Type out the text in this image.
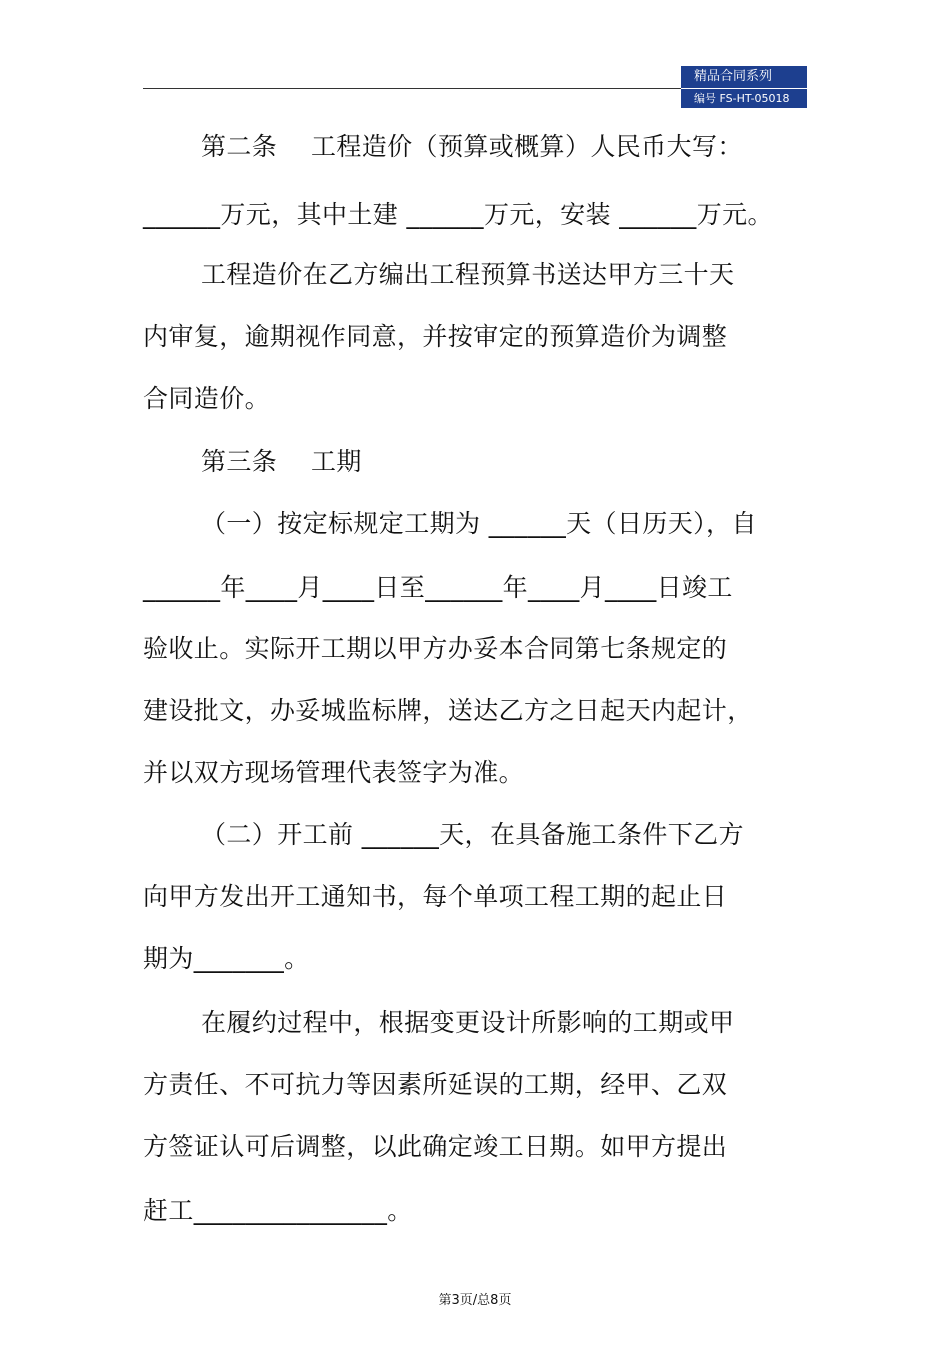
精品合同系列
编号 FS-HT-05018
第二条　 工程造价（预算或概算）人民币大写：
______万元，其中土建 ______万元，安装 ______万元。
工程造价在乙方编出工程预算书送达甲方三十天
内审复，逾期视作同意，并按审定的预算造价为调整
合同造价。
第三条　 工期
（一）按定标规定工期为 ______天（日历天），自
______年____月____日至______年____月____日竣工
验收止。实际开工期以甲方办妥本合同第七条规定的
建设批文，办妥城监标牌，送达乙方之日起天内起计，
并以双方现场管理代表签字为准。
（二）开工前 ______天，在具备施工条件下乙方
向甲方发出开工通知书，每个单项工程工期的起止日
期为_______。
在履约过程中，根据变更设计所影响的工期或甲
方责任、不可抗力等因素所延误的工期，经甲、乙双
方签证认可后调整，以此确定竣工日期。如甲方提出
赶工_______________。
第3页/总8页
